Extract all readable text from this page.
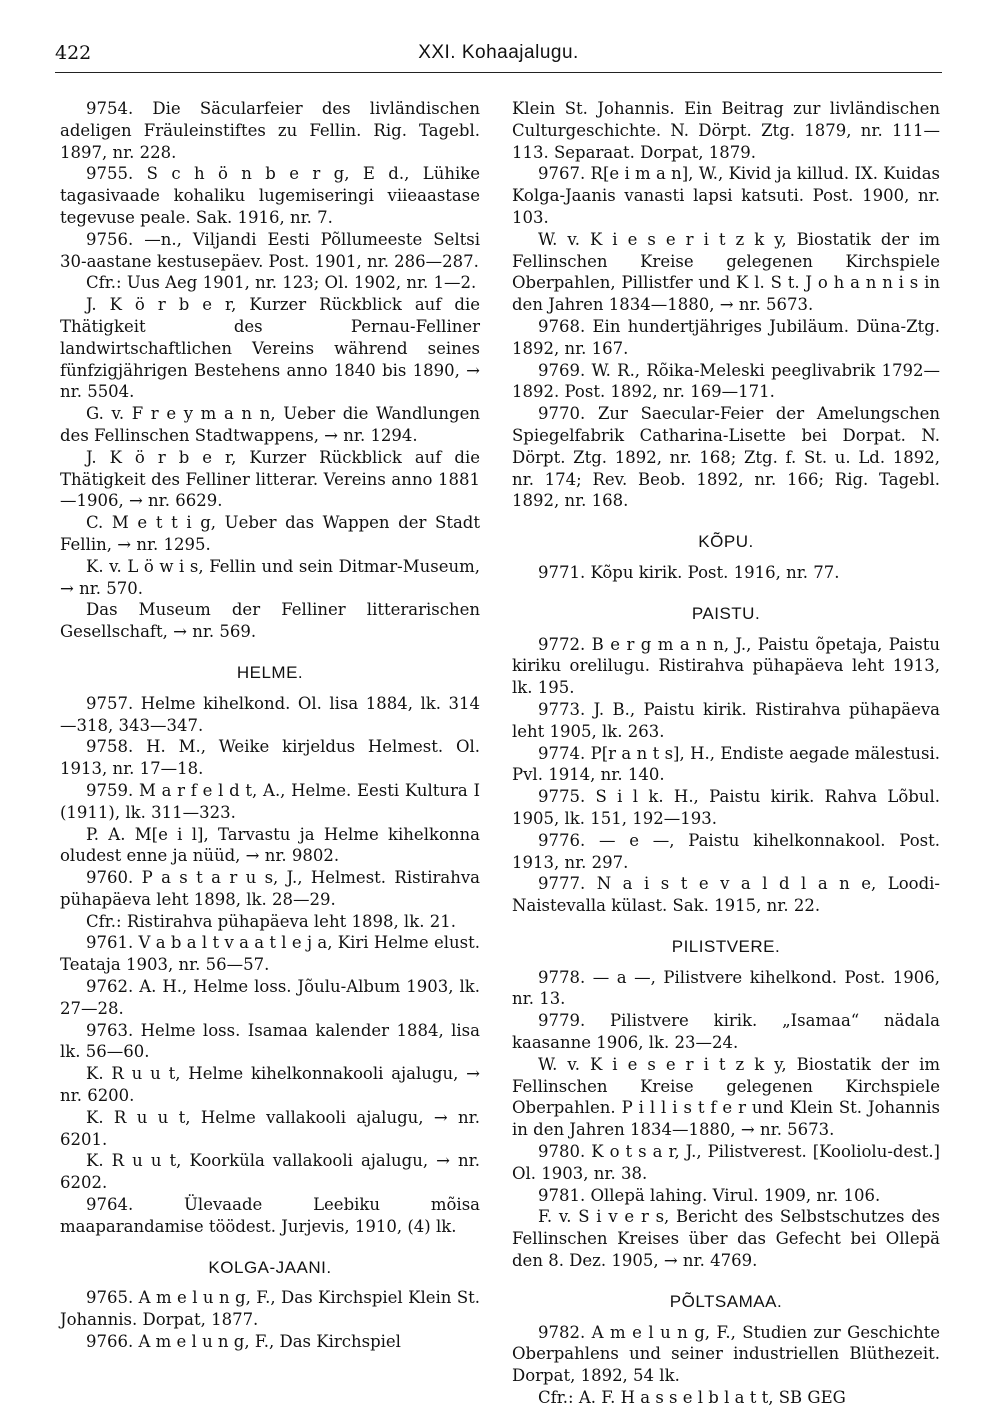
422	XXI. Kohaajalugu.

9754. Die Säcularfeier des livländischen adeligen Fräuleinstiftes zu Fellin. Rig. Tagebl. 1897, nr. 228.

9755. S c h ö n b e r g, E d., Lühike tagasivaade kohaliku lugemiseringi viieaastase tegevuse peale. Sak. 1916, nr. 7.

9756. —n., Viljandi Eesti Põllumeeste Seltsi 30-aastane kestusepäev. Post. 1901, nr. 286—287.

Cfr.: Uus Aeg 1901, nr. 123; Ol. 1902, nr. 1—2.

J. K ö r b e r, Kurzer Rückblick auf die Thätigkeit des Pernau-Felliner landwirtschaftlichen Vereins während seines fünfzigjährigen Bestehens anno 1840 bis 1890, → nr. 5504.

G. v. F r e y m a n n, Ueber die Wandlungen des Fellinschen Stadtwappens, → nr. 1294.

J. K ö r b e r, Kurzer Rückblick auf die Thätigkeit des Felliner litterar. Vereins anno 1881—1906, → nr. 6629.

C. M e t t i g, Ueber das Wappen der Stadt Fellin, → nr. 1295.

K. v. L ö w i s, Fellin und sein Ditmar-Museum, → nr. 570.

Das Museum der Felliner litterarischen Gesellschaft, → nr. 569.

HELME.

9757. Helme kihelkond. Ol. lisa 1884, lk. 314—318, 343—347.

9758. H. M., Weike kirjeldus Helmest. Ol. 1913, nr. 17—18.

9759. M a r f e l d t, A., Helme. Eesti Kultura I (1911), lk. 311—323.

P. A. M[e i l], Tarvastu ja Helme kihelkonna oludest enne ja nüüd, → nr. 9802.

9760. P a s t a r u s, J., Helmest. Ristirahva pühapäeva leht 1898, lk. 28—29.

Cfr.: Ristirahva pühapäeva leht 1898, lk. 21.

9761. V a b a l t v a a t l e j a, Kiri Helme elust. Teataja 1903, nr. 56—57.

9762. A. H., Helme loss. Jõulu-Album 1903, lk. 27—28.

9763. Helme loss. Isamaa kalender 1884, lisa lk. 56—60.

K. R u u t, Helme kihelkonnakooli ajalugu, → nr. 6200.

K. R u u t, Helme vallakooli ajalugu, → nr. 6201.

K. R u u t, Koorküla vallakooli ajalugu, → nr. 6202.

9764. Ülevaade Leebiku mõisa maaparandamise töödest. Jurjevis, 1910, (4) lk.

KOLGA-JAANI.

9765. A m e l u n g, F., Das Kirchspiel Klein St. Johannis. Dorpat, 1877.

9766. A m e l u n g, F., Das Kirchspiel

Klein St. Johannis. Ein Beitrag zur livländischen Culturgeschichte. N. Dörpt. Ztg. 1879, nr. 111—113. Separaat. Dorpat, 1879.

9767. R[e i m a n], W., Kivid ja killud. IX. Kuidas Kolga-Jaanis vanasti lapsi katsuti. Post. 1900, nr. 103.

W. v. K i e s e r i t z k y, Biostatik der im Fellinschen Kreise gelegenen Kirchspiele Oberpahlen, Pillistfer und K l. S t. J o h a n n i s in den Jahren 1834—1880, → nr. 5673.

9768. Ein hundertjähriges Jubiläum. Düna-Ztg. 1892, nr. 167.

9769. W. R., Rõika-Meleski peeglivabrik 1792—1892. Post. 1892, nr. 169—171.

9770. Zur Saecular-Feier der Amelungschen Spiegelfabrik Catharina-Lisette bei Dorpat. N. Dörpt. Ztg. 1892, nr. 168; Ztg. f. St. u. Ld. 1892, nr. 174; Rev. Beob. 1892, nr. 166; Rig. Tagebl. 1892, nr. 168.

KÕPU.

9771. Kõpu kirik. Post. 1916, nr. 77.

PAISTU.

9772. B e r g m a n n, J., Paistu õpetaja, Paistu kiriku orelilugu. Ristirahva pühapäeva leht 1913, lk. 195.

9773. J. B., Paistu kirik. Ristirahva pühapäeva leht 1905, lk. 263.

9774. P[r a n t s], H., Endiste aegade mälestusi. Pvl. 1914, nr. 140.

9775. S i l k. H., Paistu kirik. Rahva Lõbul. 1905, lk. 151, 192—193.

9776. — e —, Paistu kihelkonnakool. Post. 1913, nr. 297.

9777. N a i s t e v a l d l a n e, Loodi-Naistevalla külast. Sak. 1915, nr. 22.

PILISTVERE.

9778. — a —, Pilistvere kihelkond. Post. 1906, nr. 13.

9779. Pilistvere kirik. „Isamaa“ nädala kaasanne 1906, lk. 23—24.

W. v. K i e s e r i t z k y, Biostatik der im Fellinschen Kreise gelegenen Kirchspiele Oberpahlen. P i l l i s t f e r und Klein St. Johannis in den Jahren 1834—1880, → nr. 5673.

9780. K o t s a r, J., Pilistverest. [Kooliolu-dest.] Ol. 1903, nr. 38.

9781. Ollepä lahing. Virul. 1909, nr. 106.

F. v. S i v e r s, Bericht des Selbstschutzes des Fellinschen Kreises über das Gefecht bei Ollepä den 8. Dez. 1905, → nr. 4769.

PÕLTSAMAA.

9782. A m e l u n g, F., Studien zur Geschichte Oberpahlens und seiner industriellen Blüthezeit. Dorpat, 1892, 54 lk.

Cfr.: A. F. H a s s e l b l a t t, SB GEG
